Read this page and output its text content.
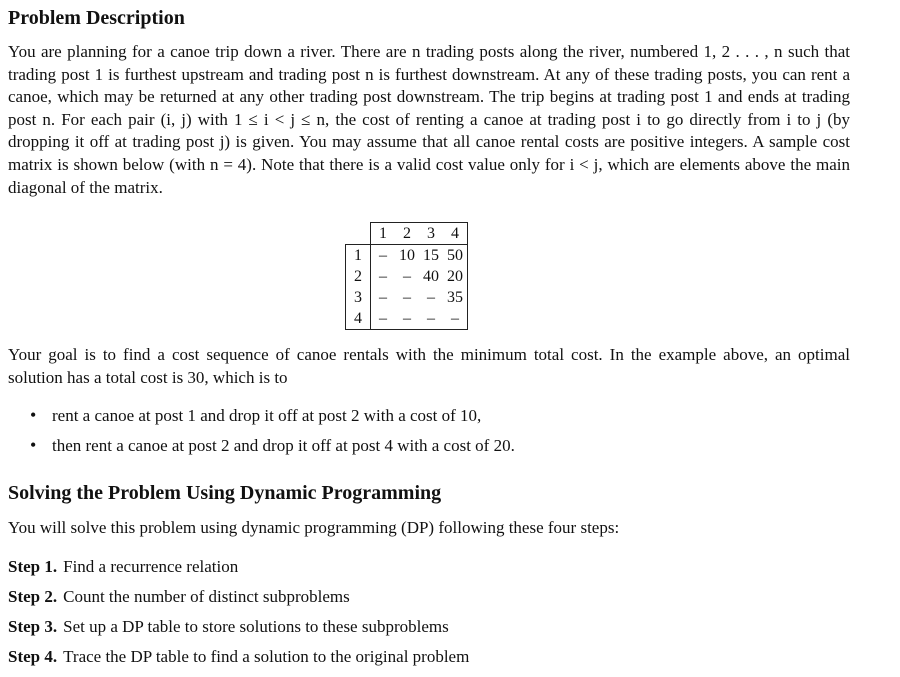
Problem Description

You are planning for a canoe trip down a river. There are n trading posts along the river, numbered 1, 2 . . . , n such that trading post 1 is furthest upstream and trading post n is furthest downstream. At any of these trading posts, you can rent a canoe, which may be returned at any other trading post downstream. The trip begins at trading post 1 and ends at trading post n. For each pair (i, j) with 1 ≤ i < j ≤ n, the cost of renting a canoe at trading post i to go directly from i to j (by dropping it off at trading post j) is given. You may assume that all canoe rental costs are positive integers. A sample cost matrix is shown below (with n = 4). Note that there is a valid cost value only for i < j, which are elements above the main diagonal of the matrix.

	1	2	3	4
1	–	10	15	50
2	–	–	40	20
3	–	–	–	35
4	–	–	–	–

Your goal is to find a cost sequence of canoe rentals with the minimum total cost. In the example above, an optimal solution has a total cost is 30, which is to

• rent a canoe at post 1 and drop it off at post 2 with a cost of 10,
• then rent a canoe at post 2 and drop it off at post 4 with a cost of 20.
Solving the Problem Using Dynamic Programming

You will solve this problem using dynamic programming (DP) following these four steps:

Step 1. Find a recurrence relation
Step 2. Count the number of distinct subproblems
Step 3. Set up a DP table to store solutions to these subproblems
Step 4. Trace the DP table to find a solution to the original problem
